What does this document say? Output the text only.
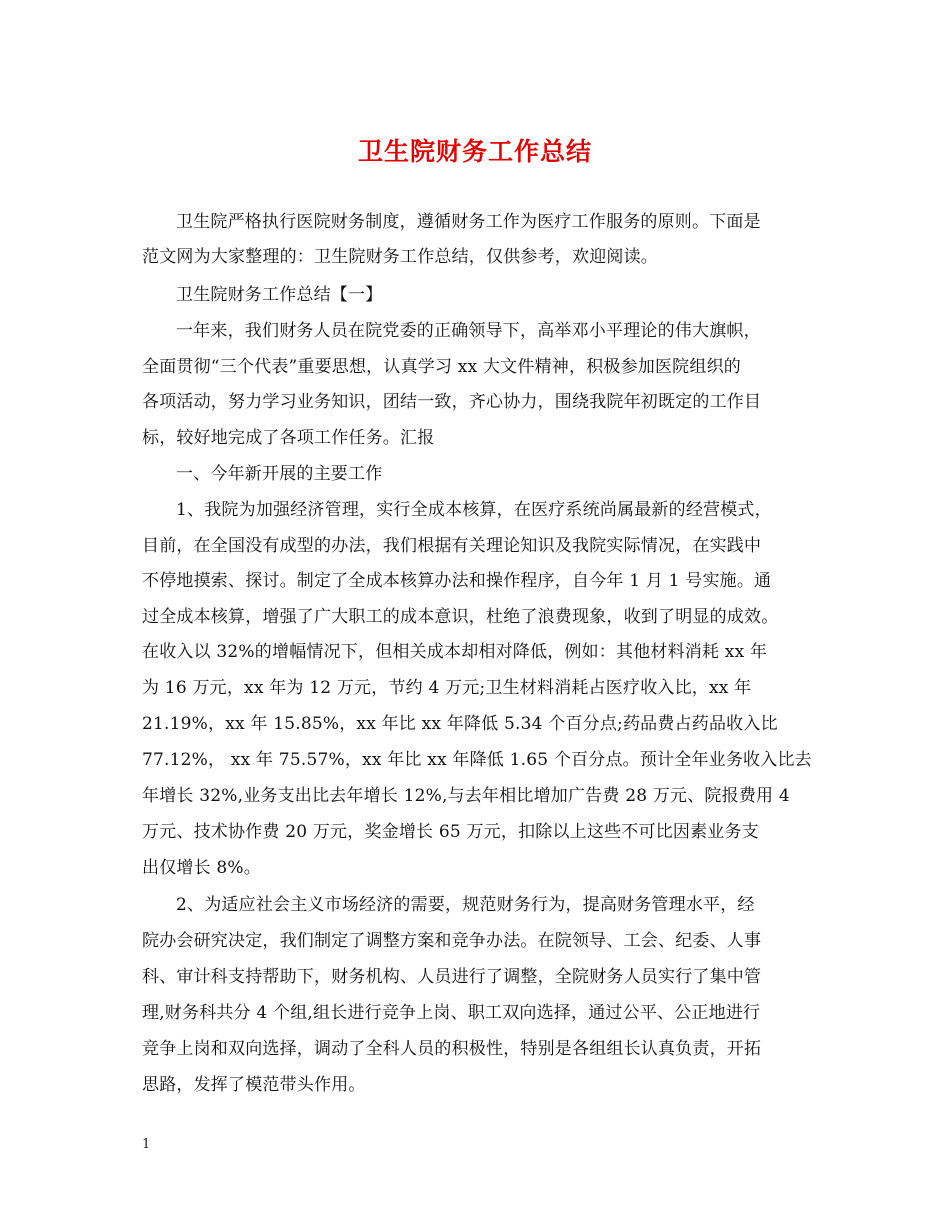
卫生院财务工作总结
卫生院严格执行医院财务制度，遵循财务工作为医疗工作服务的原则。下面是
范文网为大家整理的：卫生院财务工作总结，仅供参考，欢迎阅读。
卫生院财务工作总结【一】
一年来，我们财务人员在院党委的正确领导下，高举邓小平理论的伟大旗帜，
全面贯彻“三个代表”重要思想，认真学习 xx 大文件精神，积极参加医院组织的
各项活动，努力学习业务知识，团结一致，齐心协力，围绕我院年初既定的工作目
标，较好地完成了各项工作任务。汇报
一、今年新开展的主要工作
1、我院为加强经济管理，实行全成本核算，在医疗系统尚属最新的经营模式，
目前，在全国没有成型的办法，我们根据有关理论知识及我院实际情况，在实践中
不停地摸索、探讨。制定了全成本核算办法和操作程序，自今年 1 月 1 号实施。通
过全成本核算，增强了广大职工的成本意识，杜绝了浪费现象，收到了明显的成效。
在收入以 32%的增幅情况下，但相关成本却相对降低，例如：其他材料消耗 xx 年
为 16 万元，xx 年为 12 万元，节约 4 万元;卫生材料消耗占医疗收入比，xx 年
21.19%，xx 年 15.85%，xx 年比 xx 年降低 5.34 个百分点;药品费占药品收入比
77.12%， xx 年 75.57%，xx 年比 xx 年降低 1.65 个百分点。预计全年业务收入比去
年增长 32%,业务支出比去年增长 12%,与去年相比增加广告费 28 万元、院报费用 4
万元、技术协作费 20 万元，奖金增长 65 万元，扣除以上这些不可比因素业务支
出仅增长 8%。
2、为适应社会主义市场经济的需要，规范财务行为，提高财务管理水平，经
院办会研究决定，我们制定了调整方案和竞争办法。在院领导、工会、纪委、人事
科、审计科支持帮助下，财务机构、人员进行了调整，全院财务人员实行了集中管
理,财务科共分 4 个组,组长进行竞争上岗、职工双向选择，通过公平、公正地进行
竞争上岗和双向选择，调动了全科人员的积极性，特别是各组组长认真负责，开拓
思路，发挥了模范带头作用。
1
